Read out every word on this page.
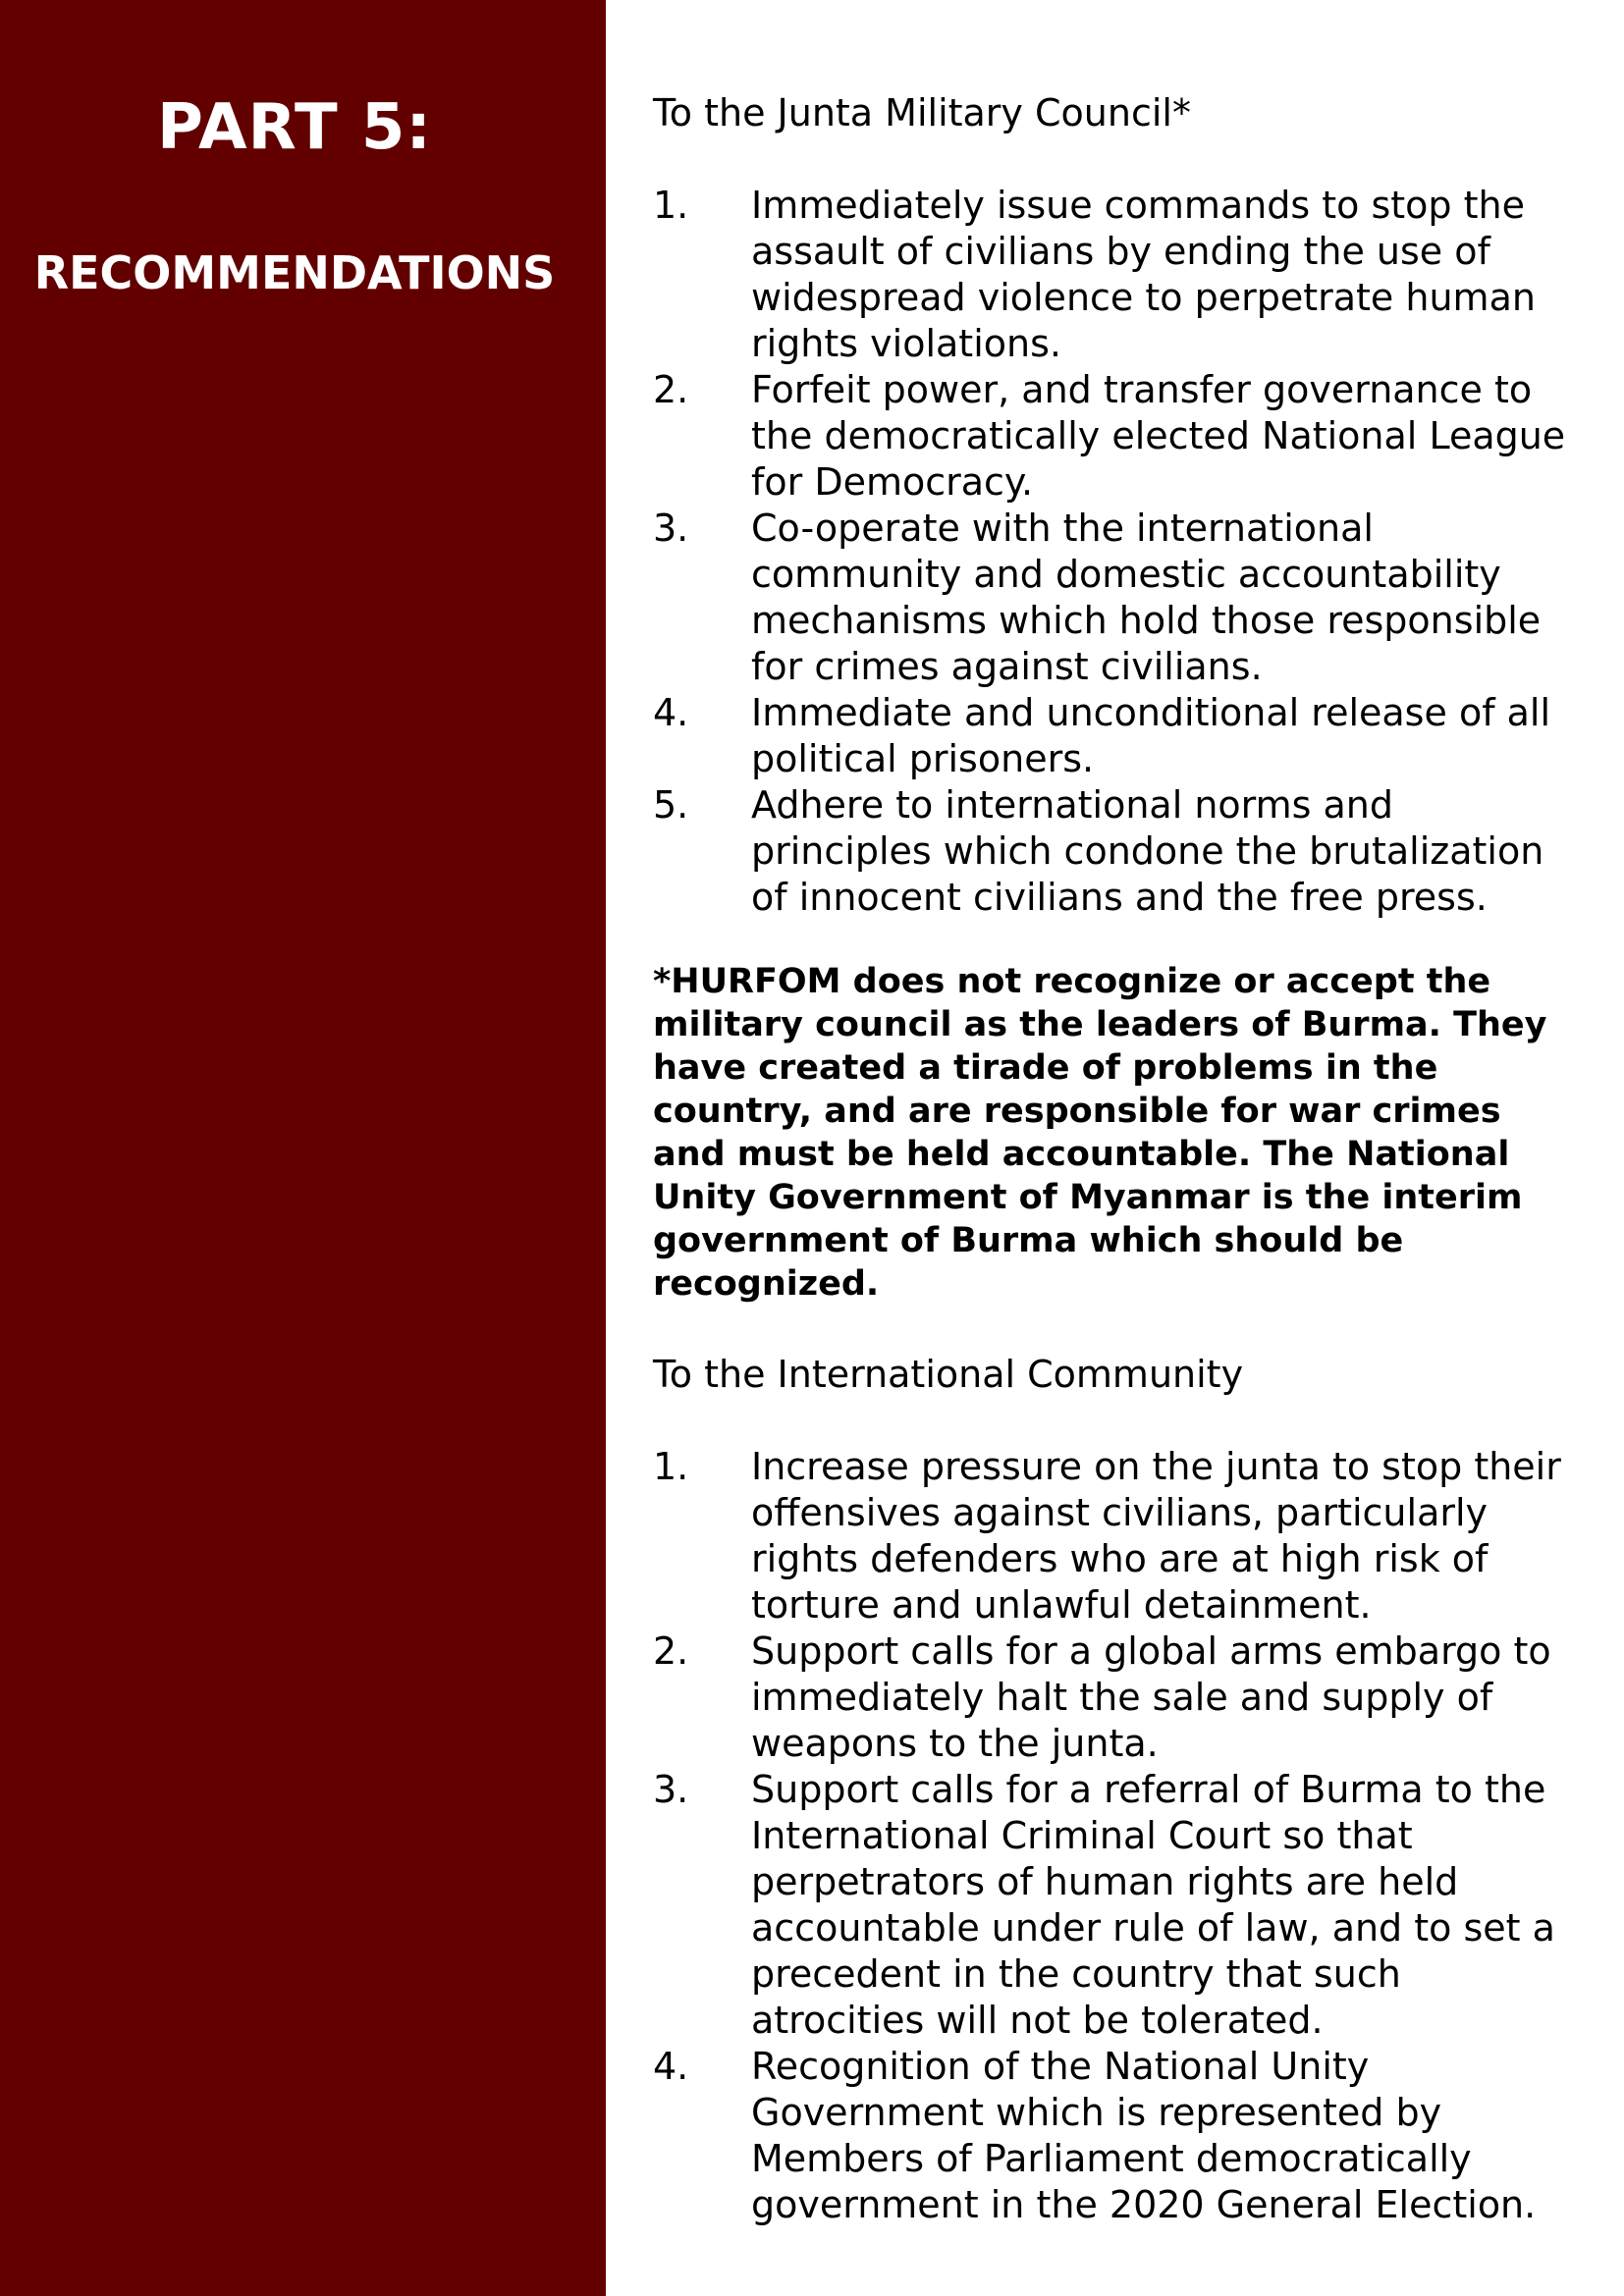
PART 5:
RECOMMENDATIONS

To the Junta Military Council*

1.	Immediately issue commands to stop the assault of civilians by ending the use of widespread violence to perpetrate human rights violations.
2.	Forfeit power, and transfer governance to the democratically elected National League for Democracy.
3.	Co-operate with the international community and domestic accountability mechanisms which hold those responsible for crimes against civilians.
4.	Immediate and unconditional release of all political prisoners.
5.	Adhere to international norms and principles which condone the brutalization of innocent civilians and the free press.

*HURFOM does not recognize or accept the military council as the leaders of Burma. They have created a tirade of problems in the country, and are responsible for war crimes and must be held accountable. The National Unity Government of Myanmar is the interim government of Burma which should be recognized.

To the International Community

1.	Increase pressure on the junta to stop their offensives against civilians, particularly rights defenders who are at high risk of torture and unlawful detainment.
2.	Support calls for a global arms embargo to immediately halt the sale and supply of weapons to the junta.
3.	Support calls for a referral of Burma to the International Criminal Court so that perpetrators of human rights are held accountable under rule of law, and to set a precedent in the country that such atrocities will not be tolerated.
4.	Recognition of the National Unity Government which is represented by Members of Parliament democratically government in the 2020 General Election.
